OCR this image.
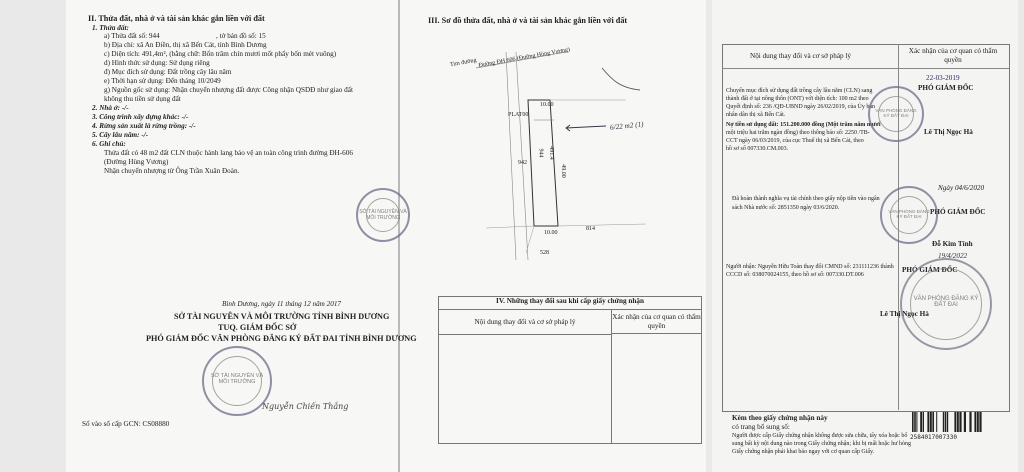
II. Thửa đất, nhà ở và tài sản khác gắn liền với đất
1. Thửa đất:
a) Thửa đất số: 944	, tờ bản đồ số: 15
b) Địa chỉ: xã An Điền, thị xã Bến Cát, tỉnh Bình Dương
c) Diện tích: 491,4m², (bằng chữ: Bốn trăm chín mươi mốt phẩy bốn mét vuông)
d) Hình thức sử dụng: Sử dụng riêng
đ) Mục đích sử dụng: Đất trồng cây lâu năm
e) Thời hạn sử dụng: Đến tháng 10/2049
g) Nguồn gốc sử dụng: Nhận chuyển nhượng đất được Công nhận QSDĐ như giao đất không thu tiền sử dụng đất
2. Nhà ở: -/-
3. Công trình xây dựng khác: -/-
4. Rừng sản xuất là rừng trồng: -/-
5. Cây lâu năm: -/-
6. Ghi chú:
Thửa đất có 48 m2 đất CLN thuộc hành lang bảo vệ an toàn công trình đường ĐH-606 (Đường Hùng Vương)
Nhận chuyển nhượng từ Ông Trần Xuân Đoàn.
SỞ TÀI NGUYÊN VÀ MÔI TRƯỜNG
Bình Dương, ngày 11 tháng 12 năm 2017
SỞ TÀI NGUYÊN VÀ MÔI TRƯỜNG TỈNH BÌNH DƯƠNG
TUQ. GIÁM ĐỐC SỞ
PHÓ GIÁM ĐỐC VĂN PHÒNG ĐĂNG KÝ ĐẤT ĐAI TỈNH BÌNH DƯƠNG
SỞ TÀI NGUYÊN VÀ MÔI TRƯỜNG
Nguyễn Chiến Thắng
Số vào sổ cấp GCN: CS08880
III. Sơ đồ thửa đất, nhà ở và tài sản khác gắn liền với đất
Đường ĐH 606 (Đường Hùng Vương)
Tim đường
PLAT00
10.00
944 491.4
49.00
10.00
942
814
528
6/22 m2 (1)
IV. Những thay đổi sau khi cấp giấy chứng nhận
Nội dung thay đổi và cơ sở pháp lý
Xác nhận của cơ quan có thẩm quyền
Nội dung thay đổi và cơ sở pháp lý
Xác nhận của cơ quan có thẩm quyền
22-03-2019
PHÓ GIÁM ĐỐC
Chuyển mục đích sử dụng đất trồng cây lâu năm (CLN) sang
thành đất ở tại nông thôn (ONT) với diện tích: 100 m2 theo
Quyết định số: 236 /QĐ-UBND ngày 26/02/2019, của Ủy ban
nhân dân thị xã Bến Cát.
Nợ tiền sử dụng đất: 151.200.000 đồng (Một trăm năm mươi
một triệu hai trăm ngàn đồng) theo thông báo số: 2250 /TB-
CCT ngày 06/03/2019, của cục Thuế thị xã Bến Cát, theo
hồ sơ số 007330.CM.003.
VĂN PHÒNG ĐĂNG KÝ ĐẤT ĐAI
Lê Thị Ngọc Hà
Ngày 04/6/2020
PHÓ GIÁM ĐỐC
Đã hoàn thành nghĩa vụ tài chính theo giấy nộp tiền vào ngân
sách Nhà nước số: 2851350 ngày 03/6/2020.
VĂN PHÒNG ĐĂNG KÝ ĐẤT ĐAI
Đỗ Kim Tính
19/4/2022
Người nhận: Nguyễn Hữu Toàn thay đổi CMND số: 231111236 thành
CCCD số: 038070024155, theo hồ sơ số: 007330.DT.006
PHÓ GIÁM ĐỐC
VĂN PHÒNG ĐĂNG KÝ ĐẤT ĐAI
Lê Thị Ngọc Hà
Kèm theo giấy chứng nhận này
có trang bổ sung số:
Người được cấp Giấy chứng nhận không được sửa chữa, tẩy xóa hoặc bổ
sung bất kỳ nội dung nào trong Giấy chứng nhận; khi bị mất hoặc hư hỏng
Giấy chứng nhận phải khai báo ngay với cơ quan cấp Giấy.
2584017007330
